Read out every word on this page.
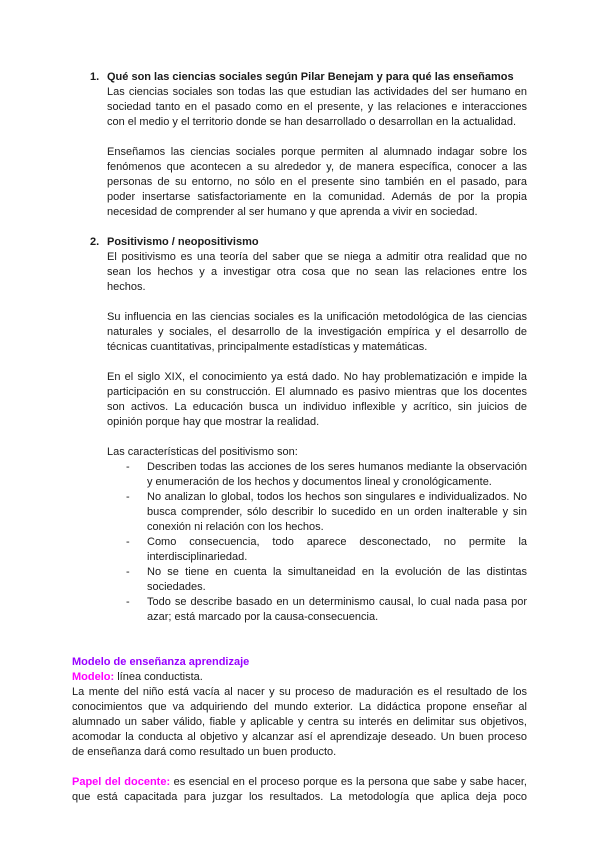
1. Qué son las ciencias sociales según Pilar Benejam y para qué las enseñamos
Las ciencias sociales son todas las que estudian las actividades del ser humano en
sociedad tanto en el pasado como en el presente, y las relaciones e interacciones
con el medio y el territorio donde se han desarrollado o desarrollan en la actualidad.
Enseñamos las ciencias sociales porque permiten al alumnado indagar sobre los
fenómenos que acontecen a su alrededor y, de manera específica, conocer a las
personas de su entorno, no sólo en el presente sino también en el pasado, para
poder insertarse satisfactoriamente en la comunidad. Además de por la propia
necesidad de comprender al ser humano y que aprenda a vivir en sociedad.
2. Positivismo / neopositivismo
El positivismo es una teoría del saber que se niega a admitir otra realidad que no
sean los hechos y a investigar otra cosa que no sean las relaciones entre los
hechos.
Su influencia en las ciencias sociales es la unificación metodológica de las ciencias
naturales y sociales, el desarrollo de la investigación empírica y el desarrollo de
técnicas cuantitativas, principalmente estadísticas y matemáticas.
En el siglo XIX, el conocimiento ya está dado. No hay problematización e impide la
participación en su construcción. El alumnado es pasivo mientras que los docentes
son activos. La educación busca un individuo inflexible y acrítico, sin juicios de
opinión porque hay que mostrar la realidad.
Las características del positivismo son:
Describen todas las acciones de los seres humanos mediante la observación
-
y enumeración de los hechos y documentos lineal y cronológicamente.
No analizan lo global, todos los hechos son singulares e individualizados. No
-
busca comprender, sólo describir lo sucedido en un orden inalterable y sin
conexión ni relación con los hechos.
Como consecuencia, todo aparece desconectado, no permite la
-
interdisciplinariedad.
No se tiene en cuenta la simultaneidad en la evolución de las distintas
-
sociedades.
Todo se describe basado en un determinismo causal, lo cual nada pasa por
-
azar; está marcado por la causa-consecuencia.
Modelo de enseñanza aprendizaje
Modelo: línea conductista.
La mente del niño está vacía al nacer y su proceso de maduración es el resultado de los
conocimientos que va adquiriendo del mundo exterior. La didáctica propone enseñar al
alumnado un saber válido, fiable y aplicable y centra su interés en delimitar sus objetivos,
acomodar la conducta al objetivo y alcanzar así el aprendizaje deseado. Un buen proceso
de enseñanza dará como resultado un buen producto.
Papel del docente: es esencial en el proceso porque es la persona que sabe y sabe hacer,
que está capacitada para juzgar los resultados. La metodología que aplica deja poco
